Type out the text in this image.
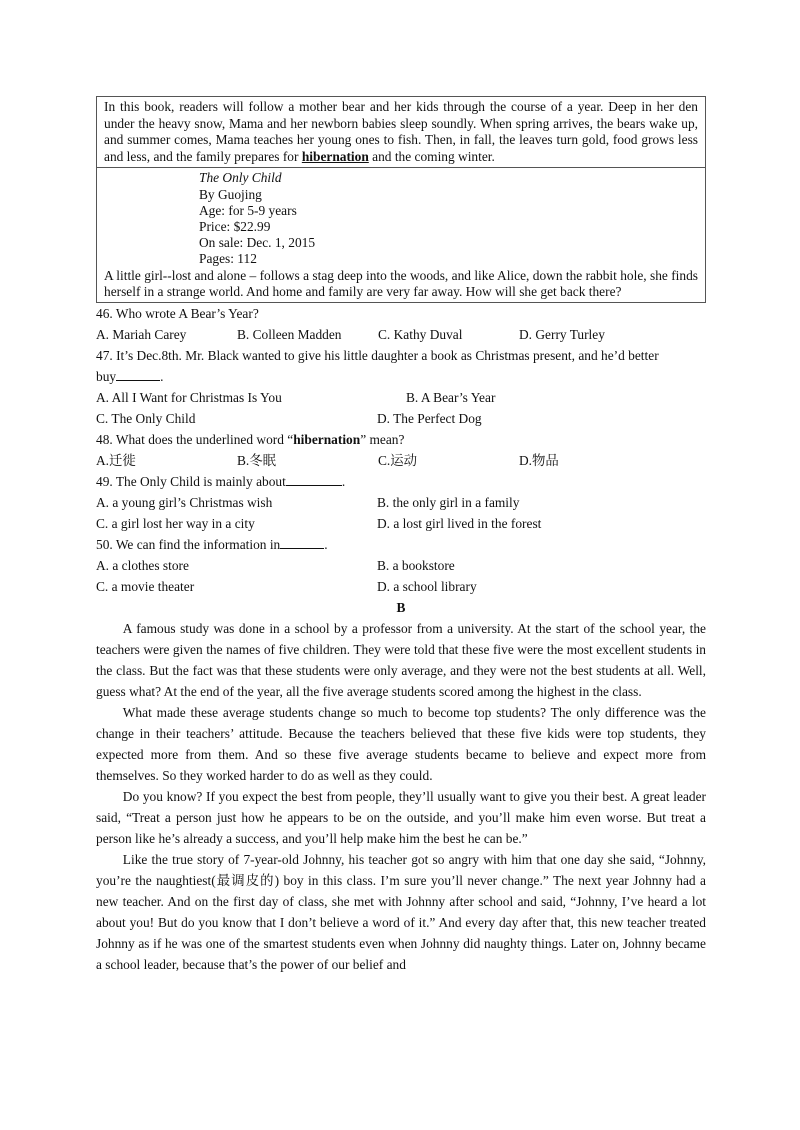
In this book, readers will follow a mother bear and her kids through the course of a year. Deep in her den under the heavy snow, Mama and her newborn babies sleep soundly. When spring arrives, the bears wake up, and summer comes, Mama teaches her young ones to fish. Then, in fall, the leaves turn gold, food grows less and less, and the family prepares for hibernation and the coming winter.
The Only Child
By Guojing
Age: for 5-9 years
Price: $22.99
On sale: Dec. 1, 2015
Pages: 112
A little girl--lost and alone – follows a stag deep into the woods, and like Alice, down the rabbit hole, she finds herself in a strange world. And home and family are very far away. How will she get back there?
46. Who wrote A Bear’s Year?
A. Mariah Carey	B. Colleen Madden	C. Kathy Duval	D. Gerry Turley
47. It’s Dec.8th. Mr. Black wanted to give his little daughter a book as Christmas present, and he’d better
buy	.
A. All I Want for Christmas Is You	B. A Bear’s Year
C. The Only Child	D. The Perfect Dog
48. What does the underlined word “hibernation” mean?
A.迁徙	B.冬眠	C.运动	D.物品
49. The Only Child is mainly about	.
A. a young girl’s Christmas wish	B. the only girl in a family
C. a girl lost her way in a city	D. a lost girl lived in the forest
50. We can find the information in	.
A. a clothes store	B. a bookstore
C. a movie theater	D. a school library
B

A famous study was done in a school by a professor from a university. At the start of the school year, the teachers were given the names of five children. They were told that these five were the most excellent students in the class. But the fact was that these students were only average, and they were not the best students at all. Well, guess what? At the end of the year, all the five average students scored among the highest in the class.

What made these average students change so much to become top students? The only difference was the change in their teachers’ attitude. Because the teachers believed that these five kids were top students, they expected more from them. And so these five average students became to believe and expect more from themselves. So they worked harder to do as well as they could.

Do you know? If you expect the best from people, they’ll usually want to give you their best. A great leader said, “Treat a person just how he appears to be on the outside, and you’ll make him even worse. But treat a person like he’s already a success, and you’ll help make him the best he can be.”

Like the true story of 7-year-old Johnny, his teacher got so angry with him that one day she said, “Johnny, you’re the naughtiest(最调皮的) boy in this class. I’m sure you’ll never change.” The next year Johnny had a new teacher. And on the first day of class, she met with Johnny after school and said, “Johnny, I’ve heard a lot about you! But do you know that I don’t believe a word of it.” And every day after that, this new teacher treated Johnny as if he was one of the smartest students even when Johnny did naughty things. Later on, Johnny became a school leader, because that’s the power of our belief and
